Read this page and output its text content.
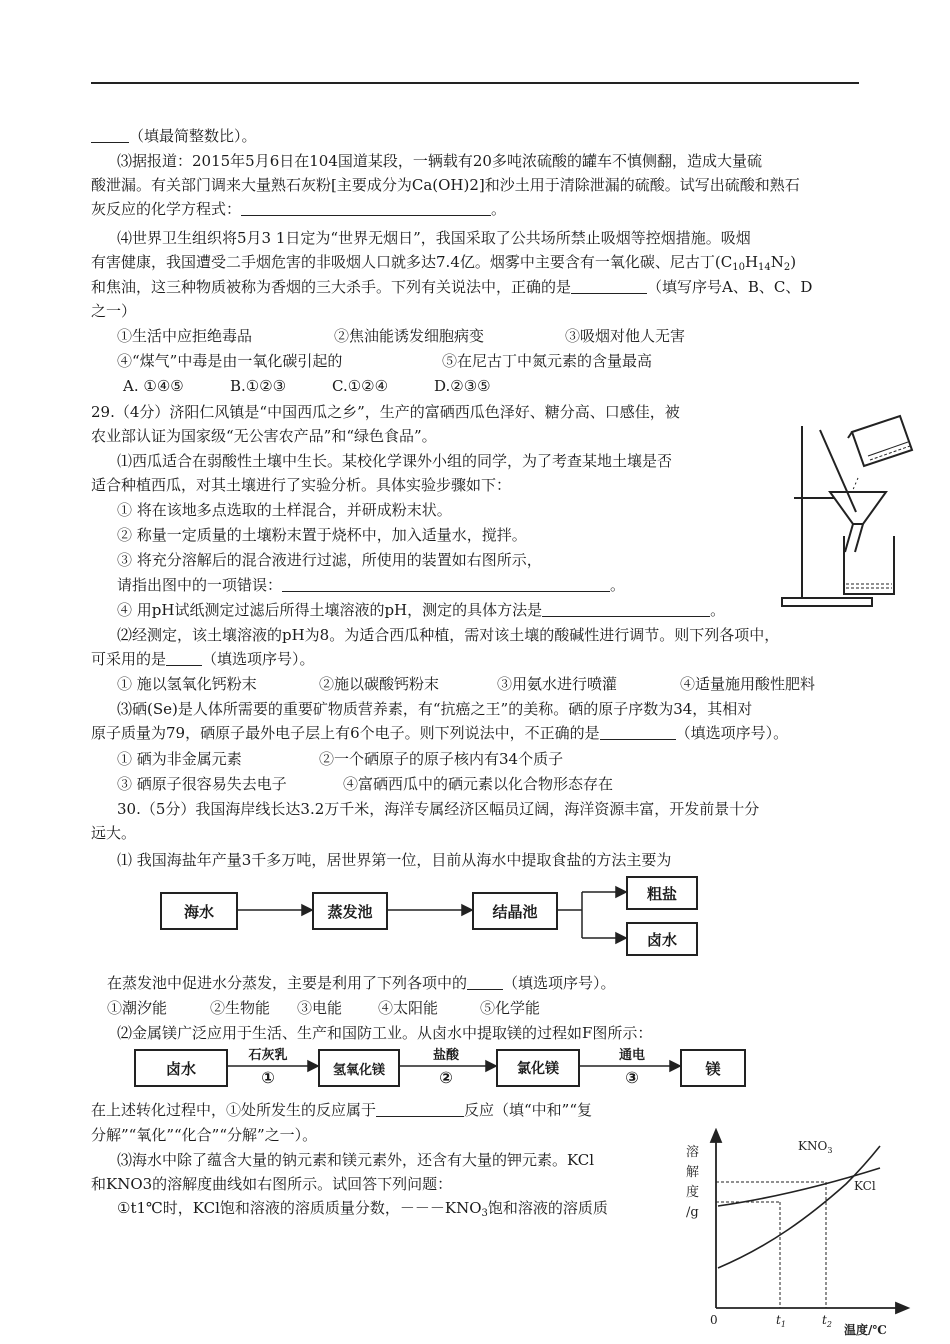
（填最简整数比）。
⑶据报道：2015年5月6日在104国道某段，一辆载有20多吨浓硫酸的罐车不慎侧翻，造成大量硫
酸泄漏。有关部门调来大量熟石灰粉[主要成分为Ca(OH)2]和沙土用于清除泄漏的硫酸。试写出硫酸和熟石
灰反应的化学方程式：	。
⑷世界卫生组织将5月3 1日定为“世界无烟日”，我国采取了公共场所禁止吸烟等控烟措施。吸烟
有害健康，我国遭受二手烟危害的非吸烟人口就多达7.4亿。烟雾中主要含有一氧化碳、尼古丁$(C_{10}H_{14}N_2)$
和焦油，这三种物质被称为香烟的三大杀手。下列有关说法中，正确的是	（填写序号A、B、C、D
之一）
①生活中应拒绝毒品	②焦油能诱发细胞病变	③吸烟对他人无害
④“煤气”中毒是由一氧化碳引起的	⑤在尼古丁中氮元素的含量最高
A. ①④⑤	B.①②③	C.①②④	D.②③⑤
29.（4分）济阳仁风镇是“中国西瓜之乡”，生产的富硒西瓜色泽好、糖分高、口感佳，被
农业部认证为国家级“无公害农产品”和“绿色食品”。
⑴西瓜适合在弱酸性土壤中生长。某校化学课外小组的同学，为了考查某地土壤是否
适合种植西瓜，对其土壤进行了实验分析。具体实验步骤如下：
① 将在该地多点选取的土样混合，并研成粉末状。
② 称量一定质量的土壤粉末置于烧杯中，加入适量水，搅拌。
③ 将充分溶解后的混合液进行过滤，所使用的装置如右图所示，
请指出图中的一项错误：	。
④ 用pH试纸测定过滤后所得土壤溶液的pH，测定的具体方法是	。
⑵经测定，该土壤溶液的pH为8。为适合西瓜种植，需对该土壤的酸碱性进行调节。则下列各项中，
可采用的是 （填选项序号）。
① 施以氢氧化钙粉末	②施以碳酸钙粉末	③用氨水进行喷灌	④适量施用酸性肥料
⑶硒(Se)是人体所需要的重要矿物质营养素，有“抗癌之王”的美称。硒的原子序数为34，其相对
原子质量为79，硒原子最外电子层上有6个电子。则下列说法中，不正确的是	（填选项序号）。
① 硒为非金属元素	②一个硒原子的原子核内有34个质子
③ 硒原子很容易失去电子	④富硒西瓜中的硒元素以化合物形态存在
30.（5分）我国海岸线长达3.2万千米，海洋专属经济区幅员辽阔，海洋资源丰富，开发前景十分
远大。
⑴ 我国海盐年产量3千多万吨，居世界第一位，目前从海水中提取食盐的方法主要为
海水	蒸发池	结晶池
粗盐
卤水
在蒸发池中促进水分蒸发，主要是利用了下列各项中的 （填选项序号）。
①潮汐能	②生物能 ③电能 ④太阳能	⑤化学能
⑵金属镁广泛应用于生活、生产和国防工业。从卤水中提取镁的过程如F图所示：
卤水	氢氧化镁	氯化镁	镁
石灰乳	盐酸	通电
①	②	③
在上述转化过程中，①处所发生的反应属于	反应（填“中和”“复
分解”“氧化”“化合”“分解”之一）。
⑶海水中除了蕴含大量的钠元素和镁元素外，还含有大量的钾元素。KCl
和KNO3的溶解度曲线如右图所示。试回答下列问题：
①t1℃时，KCl饱和溶液的溶质质量分数，$---KNO_3$饱和溶液的溶质质
溶
解
度
/g
$KNO_3$
KCl
0	$t_1$	$t_2$ 温度/℃
